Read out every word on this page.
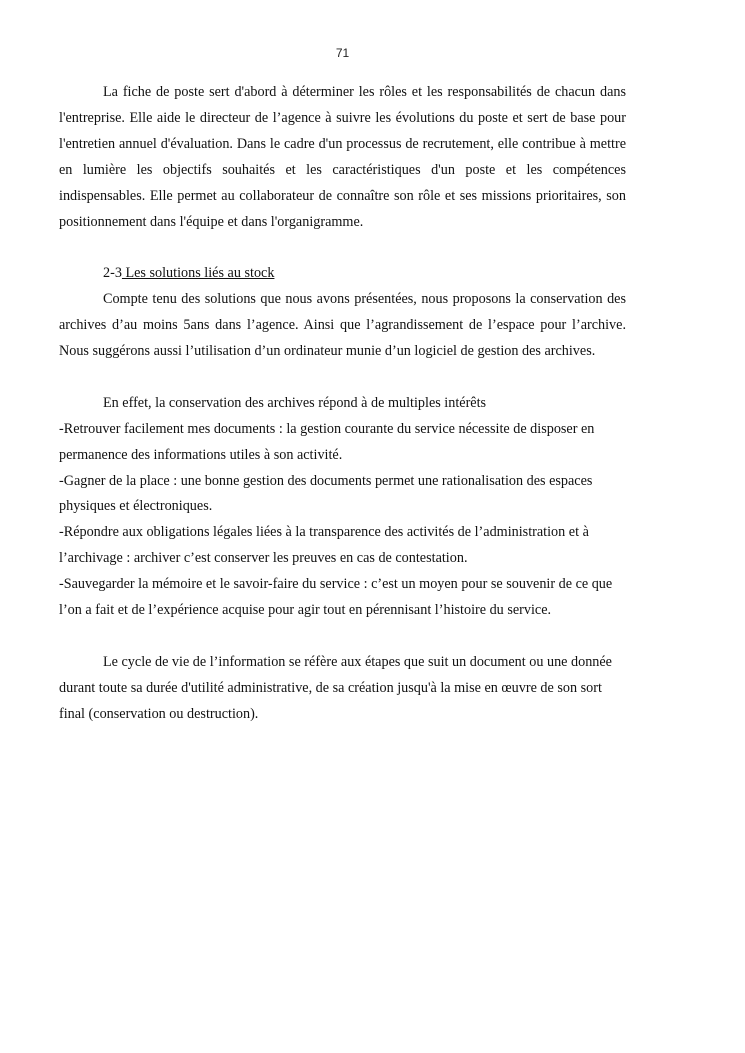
71

La fiche de poste sert d'abord à déterminer les rôles et les responsabilités de chacun dans l'entreprise. Elle aide le directeur de l’agence à suivre les évolutions du poste et sert de base pour l'entretien annuel d'évaluation. Dans le cadre d'un processus de recrutement, elle contribue à mettre en lumière les objectifs souhaités et les caractéristiques d'un poste et les compétences indispensables. Elle permet au collaborateur de connaître son rôle et ses missions prioritaires, son positionnement dans l'équipe et dans l'organigramme.

2-3 Les solutions liés au stock

Compte tenu des solutions que nous avons présentées, nous proposons la conservation des archives d’au moins 5ans dans l’agence. Ainsi que l’agrandissement de l’espace pour l’archive. Nous suggérons aussi l’utilisation d’un ordinateur munie d’un logiciel de gestion des archives.

En effet, la conservation des archives répond à de multiples intérêts

-Retrouver facilement mes documents : la gestion courante du service nécessite de disposer en permanence des informations utiles à son activité.

-Gagner de la place : une bonne gestion des documents permet une rationalisation des espaces physiques et électroniques.

-Répondre aux obligations légales liées à la transparence des activités de l’administration et à l’archivage : archiver c’est conserver les preuves en cas de contestation.

-Sauvegarder la mémoire et le savoir-faire du service : c’est un moyen pour se souvenir de ce que l’on a fait et de l’expérience acquise pour agir tout en pérennisant l’histoire du service.

Le cycle de vie de l’information se réfère aux étapes que suit un document ou une donnée durant toute sa durée d'utilité administrative, de sa création jusqu'à la mise en œuvre de son sort final (conservation ou destruction).
